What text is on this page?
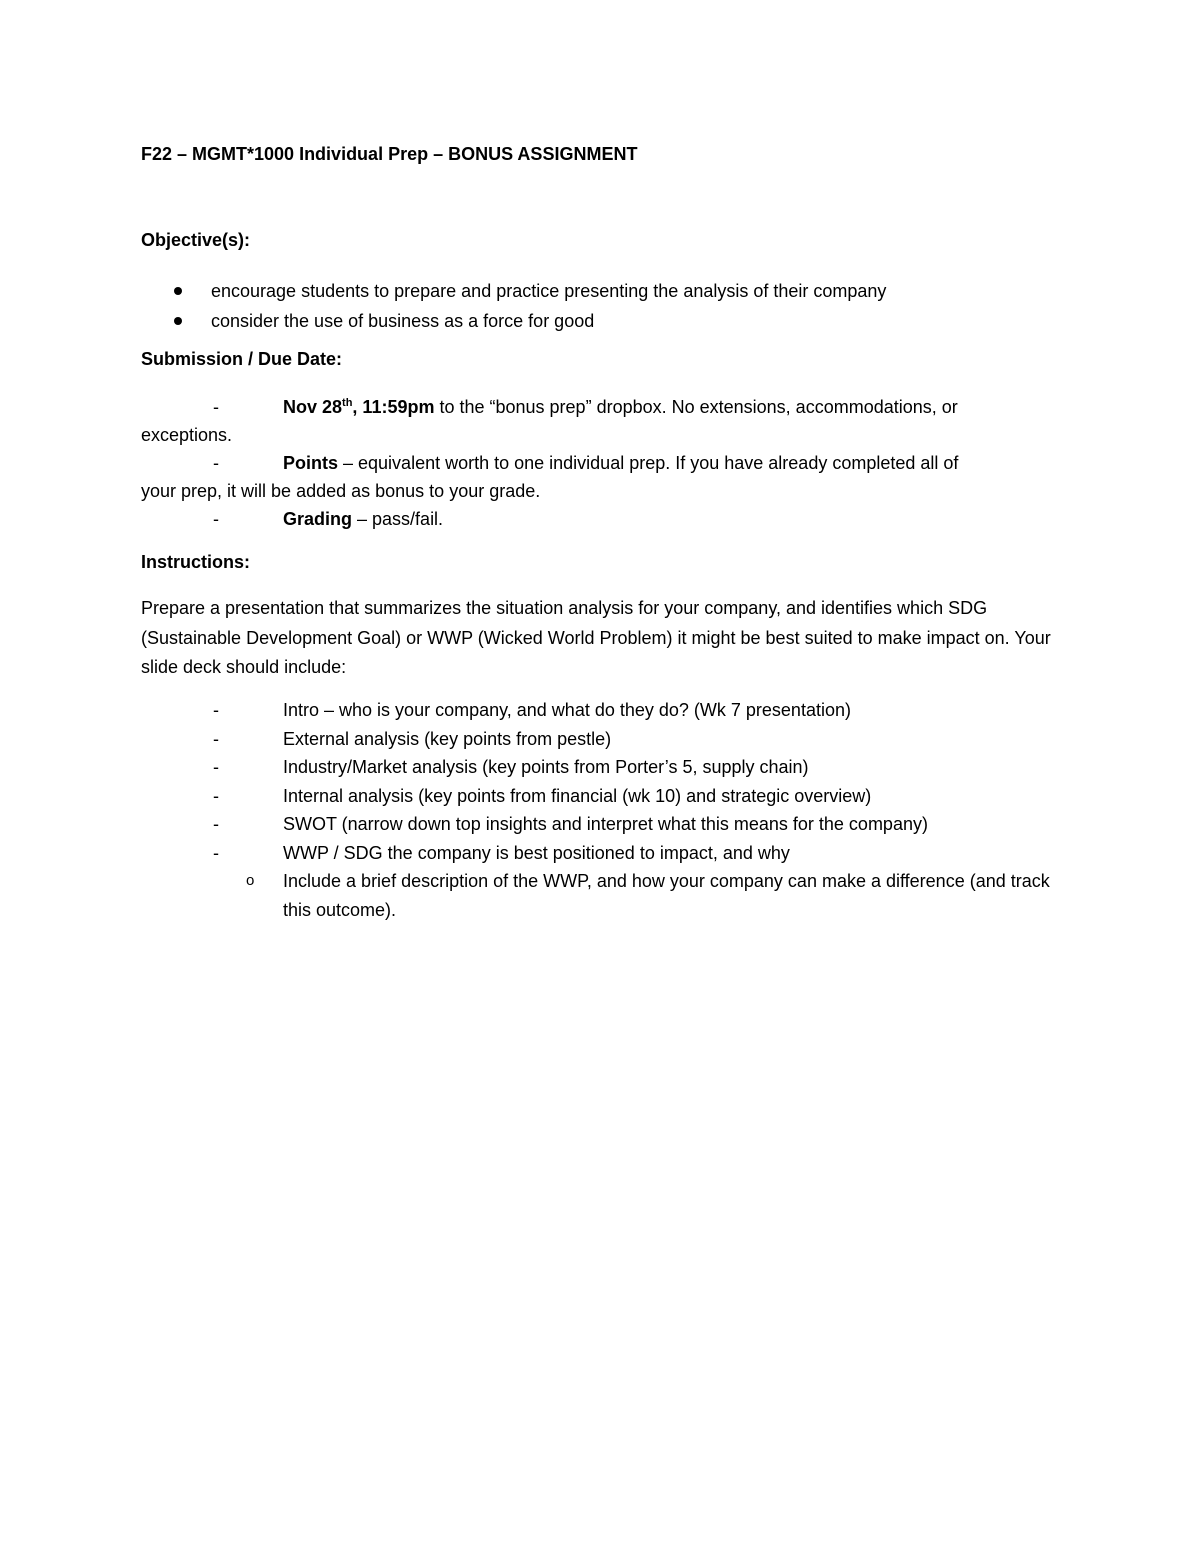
F22 – MGMT*1000 Individual Prep – BONUS ASSIGNMENT
Objective(s):
encourage students to prepare and practice presenting the analysis of their company
consider the use of business as a force for good
Submission / Due Date:
-	Nov 28th, 11:59pm to the “bonus prep” dropbox. No extensions, accommodations, or
exceptions.
-	Points – equivalent worth to one individual prep. If you have already completed all of
your prep, it will be added as bonus to your grade.
-	Grading – pass/fail.
Instructions:
Prepare a presentation that summarizes the situation analysis for your company, and identifies which SDG (Sustainable Development Goal) or WWP (Wicked World Problem) it might be best suited to make impact on. Your slide deck should include:
-	Intro – who is your company, and what do they do? (Wk 7 presentation)
-	External analysis (key points from pestle)
-	Industry/Market analysis (key points from Porter’s 5, supply chain)
-	Internal analysis (key points from financial (wk 10) and strategic overview)
-	SWOT (narrow down top insights and interpret what this means for the company)
-	WWP / SDG the company is best positioned to impact, and why
o Include a brief description of the WWP, and how your company can make a difference (and track this outcome).
